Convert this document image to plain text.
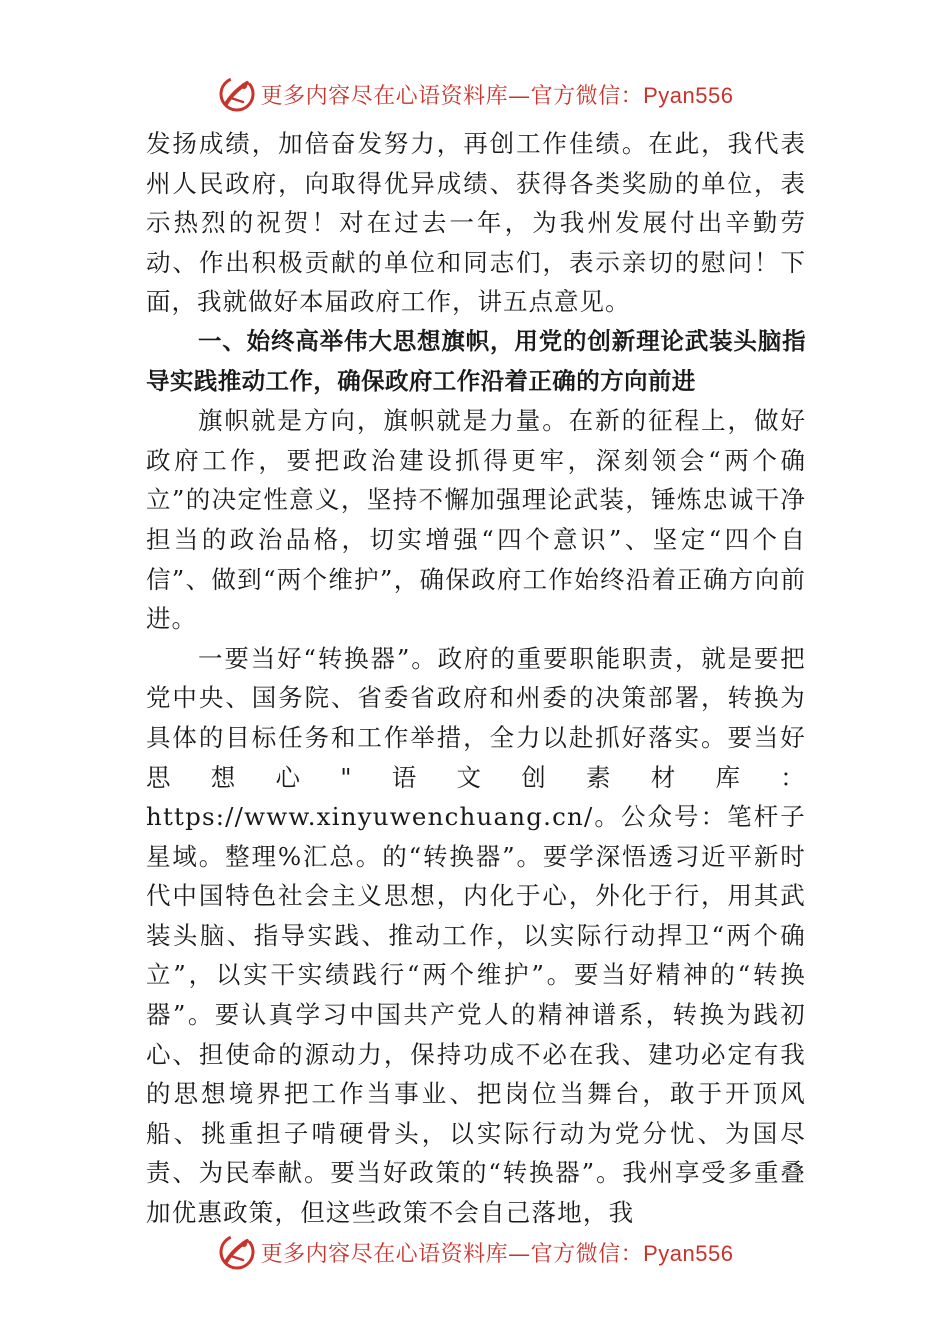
更多内容尽在心语资料库—官方微信：Pyan556

发扬成绩，加倍奋发努力，再创工作佳绩。在此，我代表州人民政府，向取得优异成绩、获得各类奖励的单位，表示热烈的祝贺！对在过去一年，为我州发展付出辛勤劳动、作出积极贡献的单位和同志们，表示亲切的慰问！下面，我就做好本届政府工作，讲五点意见。

一、始终高举伟大思想旗帜，用党的创新理论武装头脑指导实践推动工作，确保政府工作沿着正确的方向前进

旗帜就是方向，旗帜就是力量。在新的征程上，做好政府工作，要把政治建设抓得更牢，深刻领会“两个确立”的决定性意义，坚持不懈加强理论武装，锤炼忠诚干净担当的政治品格，切实增强“四个意识”、坚定“四个自信”、做到“两个维护”，确保政府工作始终沿着正确方向前进。

一要当好“转换器”。政府的重要职能职责，就是要把党中央、国务院、省委省政府和州委的决策部署，转换为具体的目标任务和工作举措，全力以赴抓好落实。要当好思想心"语文创素材库：https://www.xinyuwenchuang.cn/。公众号：笔杆子星域。整理%汇总。的“转换器”。要学深悟透习近平新时代中国特色社会主义思想，内化于心，外化于行，用其武装头脑、指导实践、推动工作，以实际行动捍卫“两个确立”，以实干实绩践行“两个维护”。要当好精神的“转换器”。要认真学习中国共产党人的精神谱系，转换为践初心、担使命的源动力，保持功成不必在我、建功必定有我的思想境界把工作当事业、把岗位当舞台，敢于开顶风船、挑重担子啃硬骨头，以实际行动为党分忧、为国尽责、为民奉献。要当好政策的“转换器”。我州享受多重叠加优惠政策，但这些政策不会自己落地，我

更多内容尽在心语资料库—官方微信：Pyan556
